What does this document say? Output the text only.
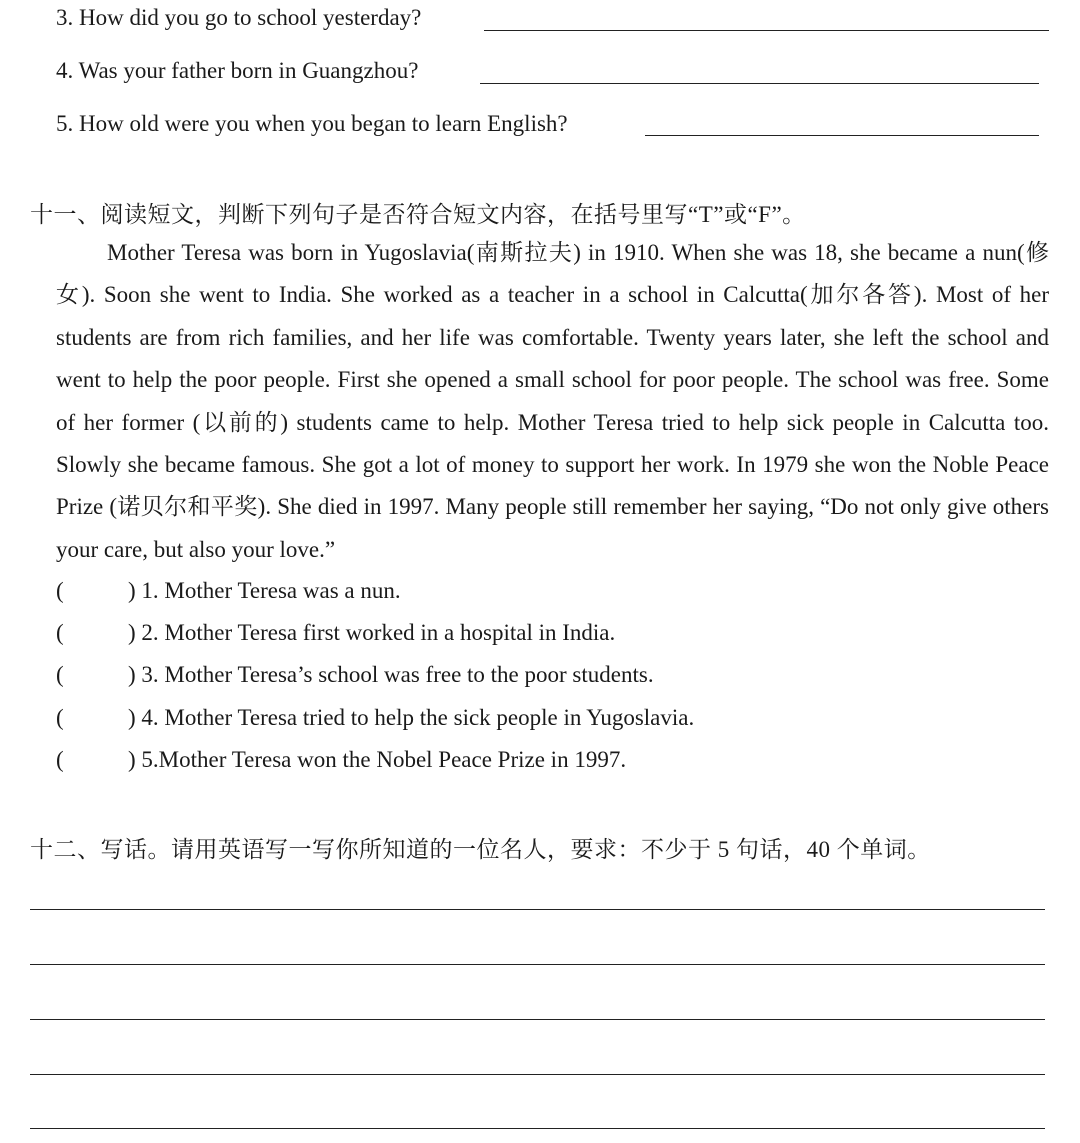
3. How did you go to school yesterday?
4. Was your father born in Guangzhou?
5. How old were you when you began to learn English?
十一、阅读短文，判断下列句子是否符合短文内容，在括号里写“T”或“F”。

Mother Teresa was born in Yugoslavia(南斯拉夫) in 1910. When she was 18, she became a nun(修女). Soon she went to India. She worked as a teacher in a school in Calcutta(加尔各答). Most of her students are from rich families, and her life was comfortable. Twenty years later, she left the school and went to help the poor people. First she opened a small school for poor people. The school was free. Some of her former (以前的) students came to help. Mother Teresa tried to help sick people in Calcutta too. Slowly she became famous. She got a lot of money to support her work. In 1979 she won the Noble Peace Prize (诺贝尔和平奖). She died in 1997. Many people still remember her saying, “Do not only give others your care, but also your love.”

(	) 1. Mother Teresa was a nun.
(	) 2. Mother Teresa first worked in a hospital in India.
(	) 3. Mother Teresa’s school was free to the poor students.
(	) 4. Mother Teresa tried to help the sick people in Yugoslavia.
(	) 5.Mother Teresa won the Nobel Peace Prize in 1997.
十二、写话。请用英语写一写你所知道的一位名人，要求：不少于 5 句话，40 个单词。
